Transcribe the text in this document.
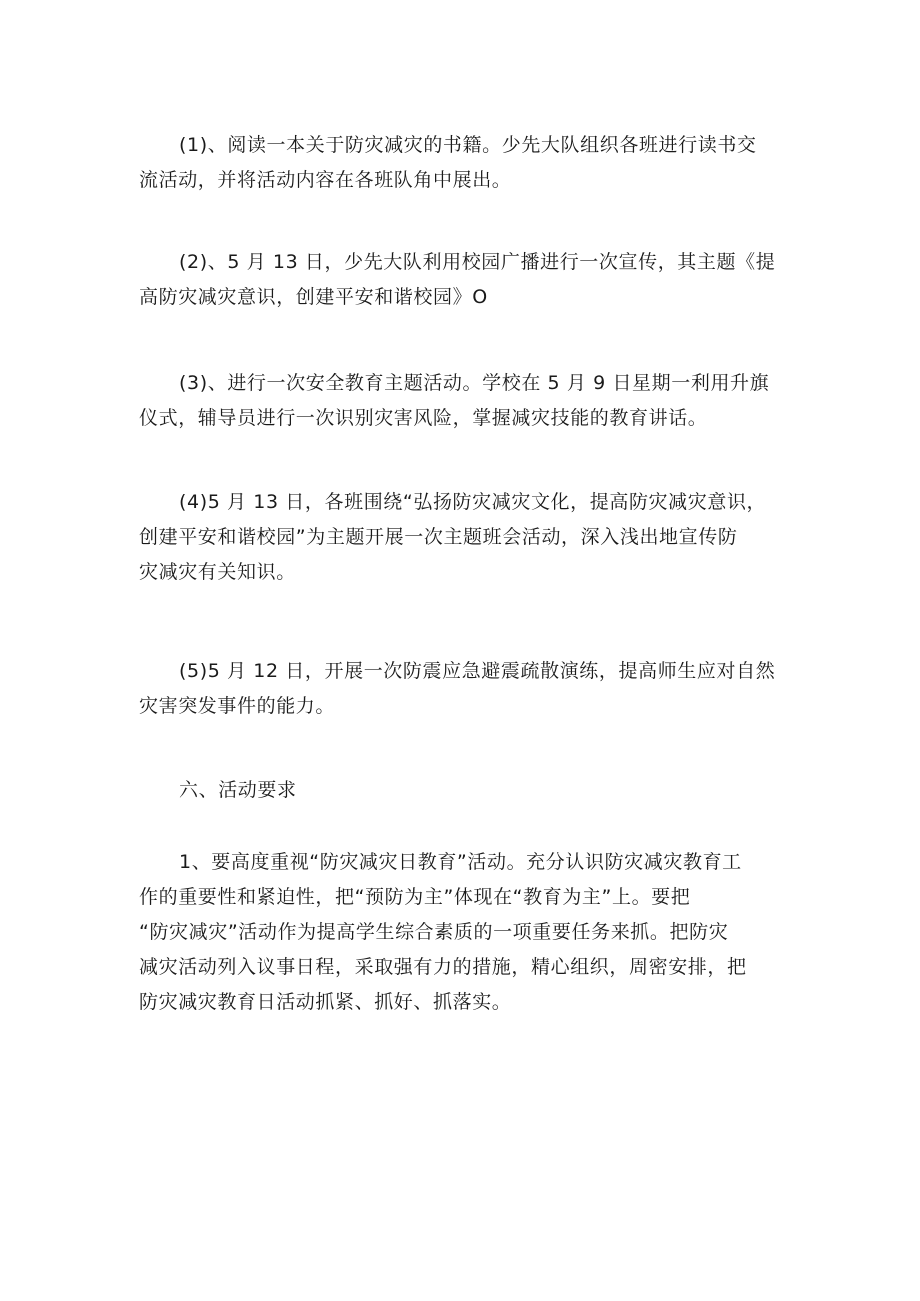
(1)、阅读一本关于防灾减灾的书籍。少先大队组织各班进行读书交
流活动，并将活动内容在各班队角中展出。

(2)、5 月 13 日，少先大队利用校园广播进行一次宣传，其主题《提
高防灾减灾意识，创建平安和谐校园》O

(3)、进行一次安全教育主题活动。学校在 5 月 9 日星期一利用升旗
仪式，辅导员进行一次识别灾害风险，掌握减灾技能的教育讲话。

(4)5 月 13 日，各班围绕“弘扬防灾减灾文化，提高防灾减灾意识，
创建平安和谐校园”为主题开展一次主题班会活动，深入浅出地宣传防
灾减灾有关知识。

(5)5 月 12 日，开展一次防震应急避震疏散演练，提高师生应对自然
灾害突发事件的能力。

六、活动要求

1、要高度重视“防灾减灾日教育”活动。充分认识防灾减灾教育工
作的重要性和紧迫性，把“预防为主”体现在“教育为主”上。要把
“防灾减灾”活动作为提高学生综合素质的一项重要任务来抓。把防灾
减灾活动列入议事日程，采取强有力的措施，精心组织，周密安排，把
防灾减灾教育日活动抓紧、抓好、抓落实。
